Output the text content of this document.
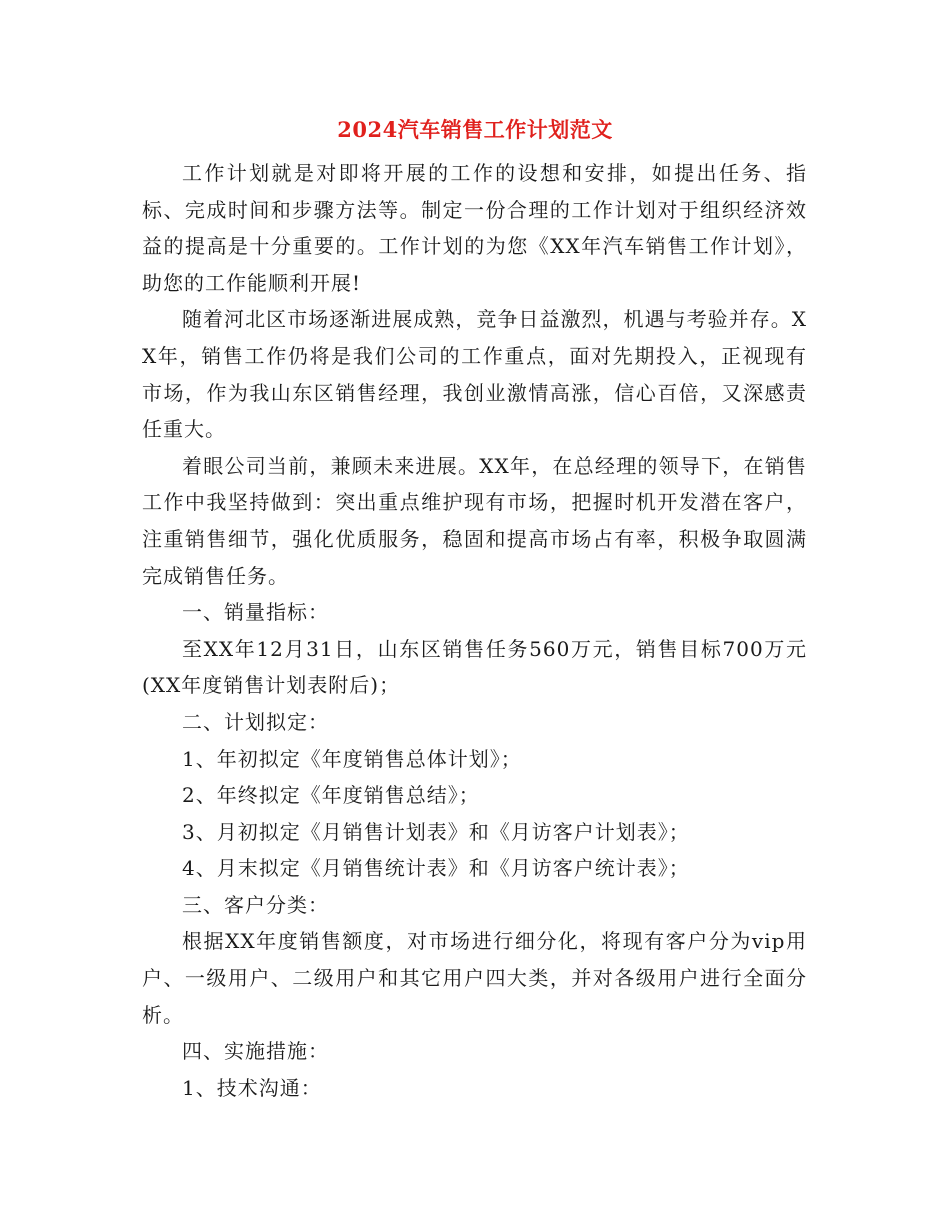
2024汽车销售工作计划范文

工作计划就是对即将开展的工作的设想和安排，如提出任务、指标、完成时间和步骤方法等。制定一份合理的工作计划对于组织经济效益的提高是十分重要的。工作计划的为您《XX年汽车销售工作计划》，助您的工作能顺利开展!

随着河北区市场逐渐进展成熟，竞争日益激烈，机遇与考验并存。XX年，销售工作仍将是我们公司的工作重点，面对先期投入，正视现有市场，作为我山东区销售经理，我创业激情高涨，信心百倍，又深感责任重大。

着眼公司当前，兼顾未来进展。XX年，在总经理的领导下，在销售工作中我坚持做到：突出重点维护现有市场，把握时机开发潜在客户，注重销售细节，强化优质服务，稳固和提高市场占有率，积极争取圆满完成销售任务。

一、销量指标：

至XX年12月31日，山东区销售任务560万元，销售目标700万元(XX年度销售计划表附后)；

二、计划拟定：

1、年初拟定《年度销售总体计划》；

2、年终拟定《年度销售总结》；

3、月初拟定《月销售计划表》和《月访客户计划表》；

4、月末拟定《月销售统计表》和《月访客户统计表》；

三、客户分类：

根据XX年度销售额度，对市场进行细分化，将现有客户分为vip用户、一级用户、二级用户和其它用户四大类，并对各级用户进行全面分析。

四、实施措施：

1、技术沟通：
